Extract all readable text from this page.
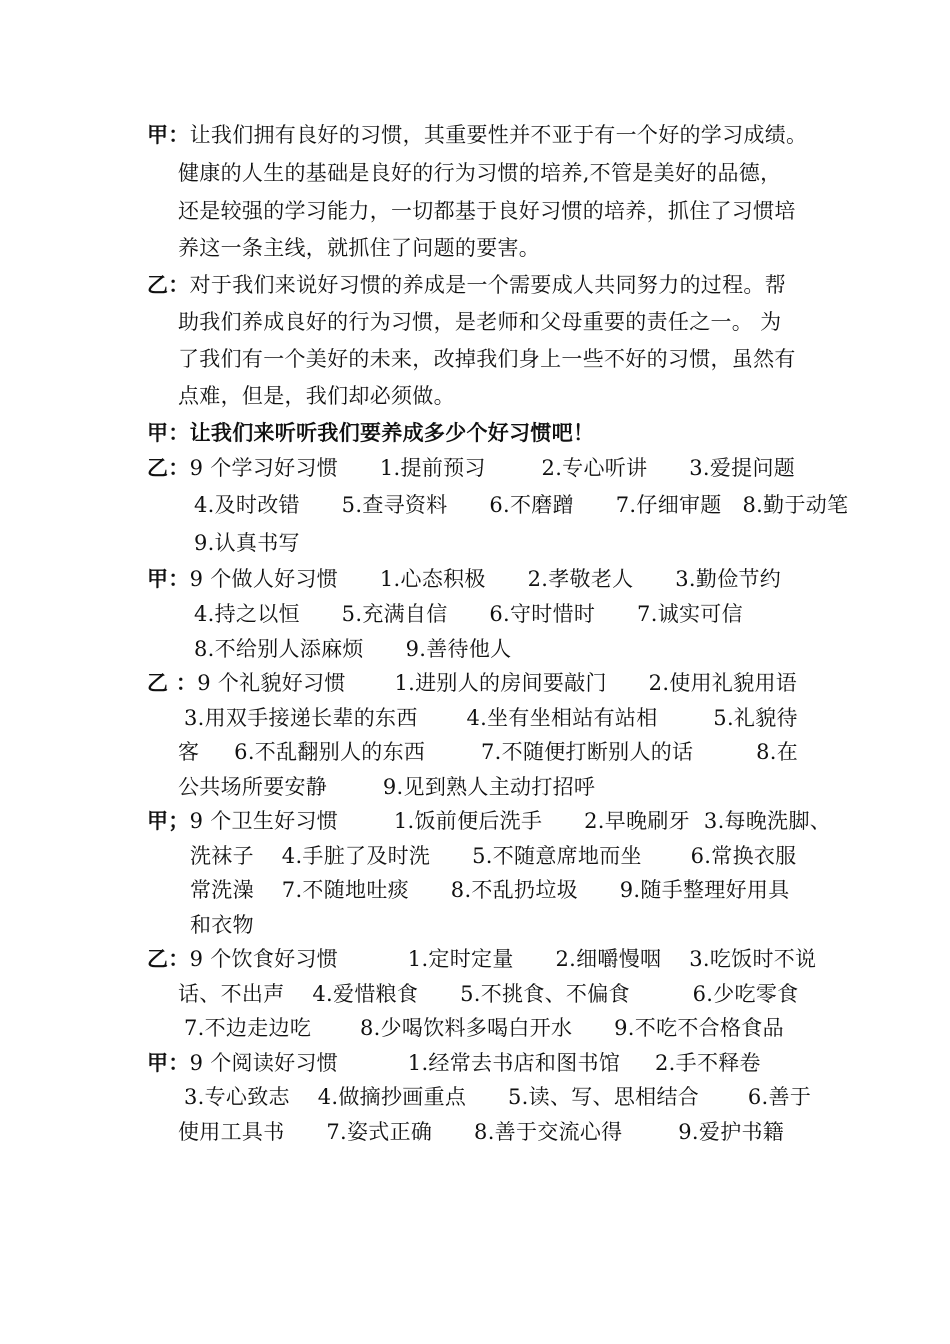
甲：让我们拥有良好的习惯，其重要性并不亚于有一个好的学习成绩。
健康的人生的基础是良好的行为习惯的培养,不管是美好的品德，
还是较强的学习能力，一切都基于良好习惯的培养，抓住了习惯培
养这一条主线，就抓住了问题的要害。
乙：对于我们来说好习惯的养成是一个需要成人共同努力的过程。帮
助我们养成良好的行为习惯，是老师和父母重要的责任之一。 为
了我们有一个美好的未来，改掉我们身上一些不好的习惯，虽然有
点难，但是，我们却必须做。
甲：让我们来听听我们要养成多少个好习惯吧！
乙：9 个学习好习惯      1.提前预习        2.专心听讲      3.爱提问题
4.及时改错      5.查寻资料      6.不磨蹭      7.仔细审题   8.勤于动笔
9.认真书写
甲：9 个做人好习惯      1.心态积极      2.孝敬老人      3.勤俭节约
4.持之以恒      5.充满自信      6.守时惜时      7.诚实可信
8.不给别人添麻烦      9.善待他人
乙 ：9 个礼貌好习惯       1.进别人的房间要敲门      2.使用礼貌用语
3.用双手接递长辈的东西       4.坐有坐相站有站相        5.礼貌待
客     6.不乱翻别人的东西        7.不随便打断别人的话         8.在
公共场所要安静        9.见到熟人主动打招呼
甲；9 个卫生好习惯        1.饭前便后洗手      2.早晚刷牙  3.每晚洗脚、
洗袜子    4.手脏了及时洗      5.不随意席地而坐       6.常换衣服
常洗澡    7.不随地吐痰      8.不乱扔垃圾      9.随手整理好用具
和衣物
乙：9 个饮食好习惯          1.定时定量      2.细嚼慢咽    3.吃饭时不说
话、不出声    4.爱惜粮食      5.不挑食、不偏食         6.少吃零食
7.不边走边吃       8.少喝饮料多喝白开水      9.不吃不合格食品
甲：9 个阅读好习惯          1.经常去书店和图书馆     2.手不释卷
3.专心致志    4.做摘抄画重点      5.读、写、思相结合       6.善于
使用工具书      7.姿式正确      8.善于交流心得        9.爱护书籍
